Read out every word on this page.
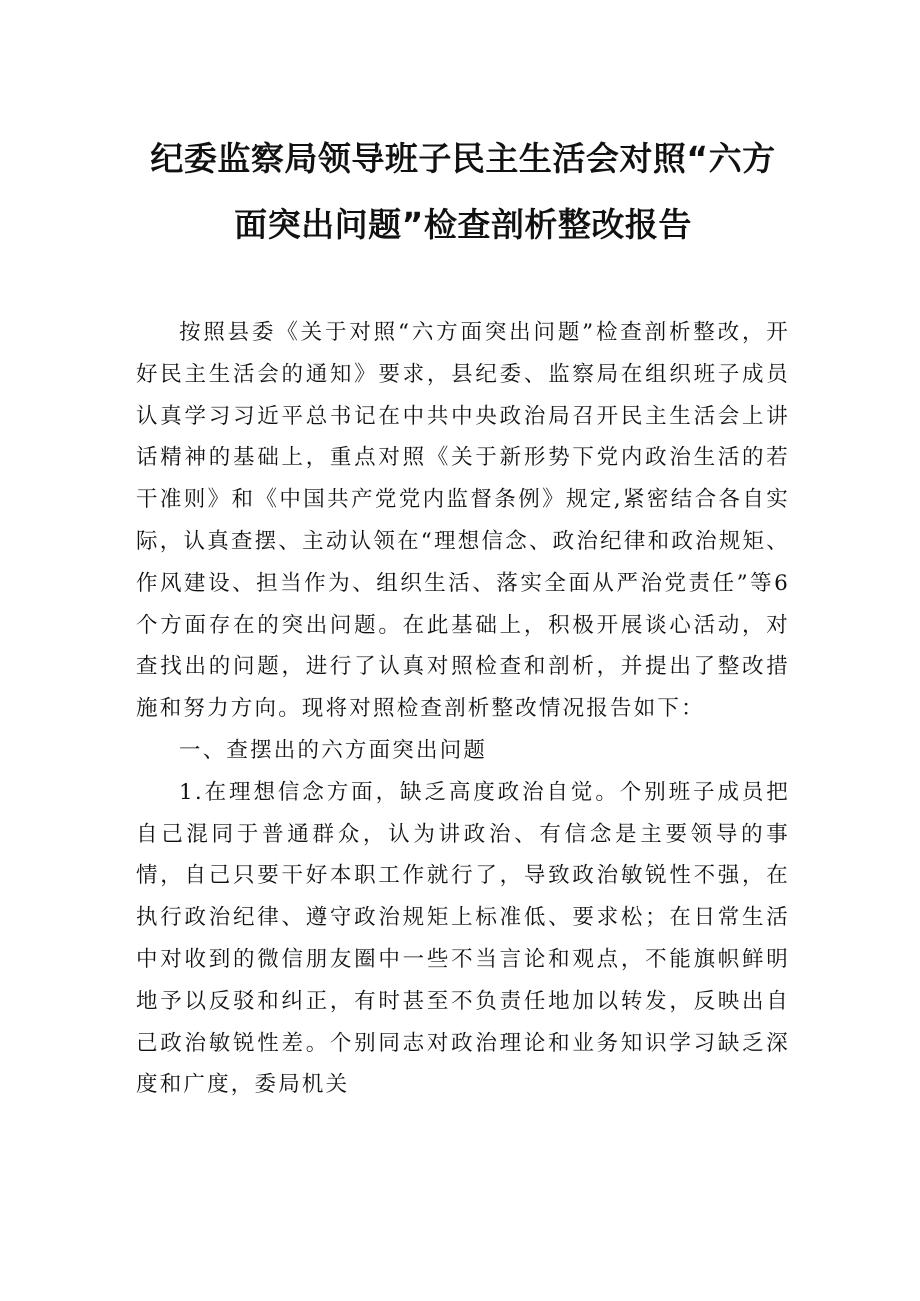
纪委监察局领导班子民主生活会对照“六方
面突出问题”检查剖析整改报告

按照县委《关于对照“六方面突出问题”检查剖析整改，开好民主生活会的通知》要求，县纪委、监察局在组织班子成员认真学习习近平总书记在中共中央政治局召开民主生活会上讲话精神的基础上，重点对照《关于新形势下党内政治生活的若干准则》和《中国共产党党内监督条例》规定,紧密结合各自实际，认真查摆、主动认领在“理想信念、政治纪律和政治规矩、作风建设、担当作为、组织生活、落实全面从严治党责任”等6个方面存在的突出问题。在此基础上，积极开展谈心活动，对查找出的问题，进行了认真对照检查和剖析，并提出了整改措施和努力方向。现将对照检查剖析整改情况报告如下：

一、查摆出的六方面突出问题

1.在理想信念方面，缺乏高度政治自觉。个别班子成员把自己混同于普通群众，认为讲政治、有信念是主要领导的事情，自己只要干好本职工作就行了，导致政治敏锐性不强，在执行政治纪律、遵守政治规矩上标准低、要求松；在日常生活中对收到的微信朋友圈中一些不当言论和观点，不能旗帜鲜明地予以反驳和纠正，有时甚至不负责任地加以转发，反映出自己政治敏锐性差。个别同志对政治理论和业务知识学习缺乏深度和广度，委局机关
